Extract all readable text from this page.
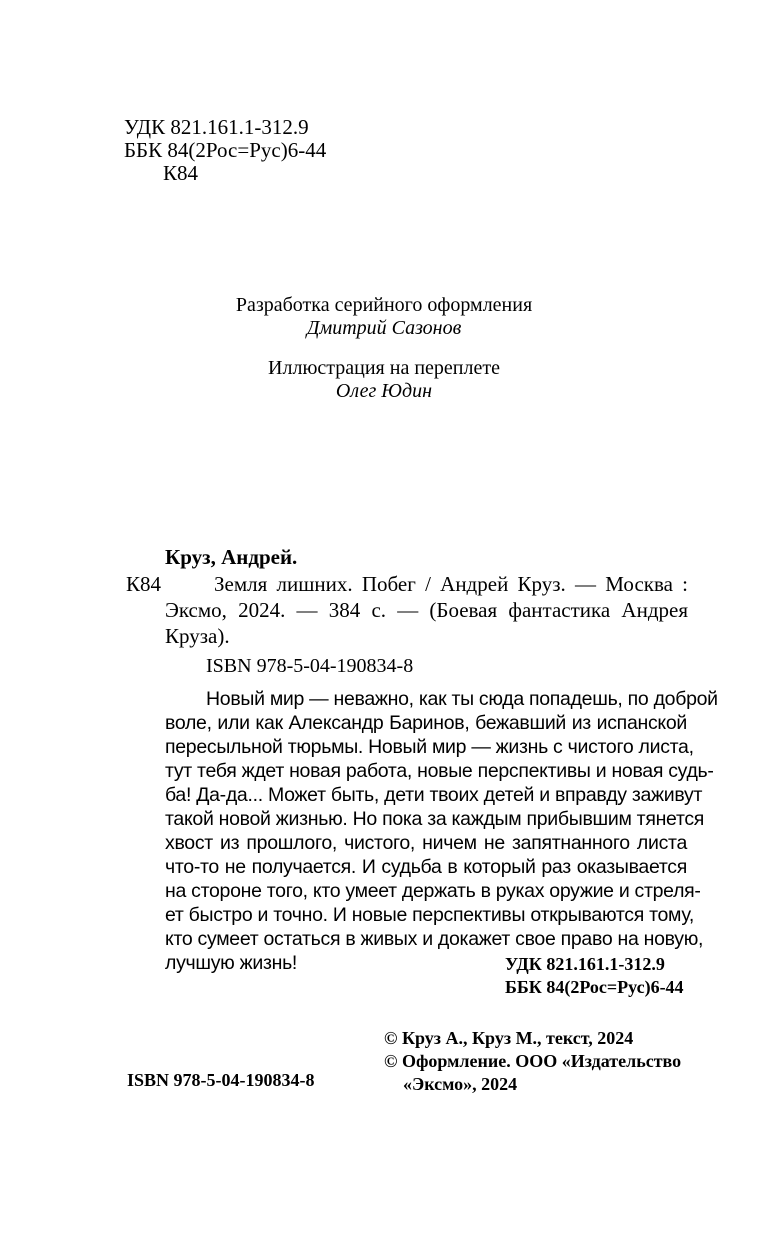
УДК 821.161.1-312.9
ББК 84(2Рос=Рус)6-44
К84
Разработка серийного оформления
Дмитрий Сазонов
Иллюстрация на переплете
Олег Юдин
Круз, Андрей.
К84	Земля лишних. Побег / Андрей Круз. — Москва :
Эксмо, 2024. — 384 с. — (Боевая фантастика Андрея
Круза).
ISBN 978-5-04-190834-8
Новый мир — неважно, как ты сюда попадешь, по доброй
воле, или как Александр Баринов, бежавший из испанской
пересыльной тюрьмы. Новый мир — жизнь с чистого листа,
тут тебя ждет новая работа, новые перспективы и новая судь-
ба! Да-да... Может быть, дети твоих детей и вправду заживут
такой новой жизнью. Но пока за каждым прибывшим тянется
хвост из прошлого, чистого, ничем не запятнанного листа
что-то не получается. И судьба в который раз оказывается
на стороне того, кто умеет держать в руках оружие и стреля-
ет быстро и точно. И новые перспективы открываются тому,
кто сумеет остаться в живых и докажет свое право на новую,
лучшую жизнь!	УДК 821.161.1-312.9
ББК 84(2Рос=Рус)6-44
© Круз А., Круз М., текст, 2024
© Оформление. ООО «Издательство
ISBN 978-5-04-190834-8	«Эксмо», 2024
